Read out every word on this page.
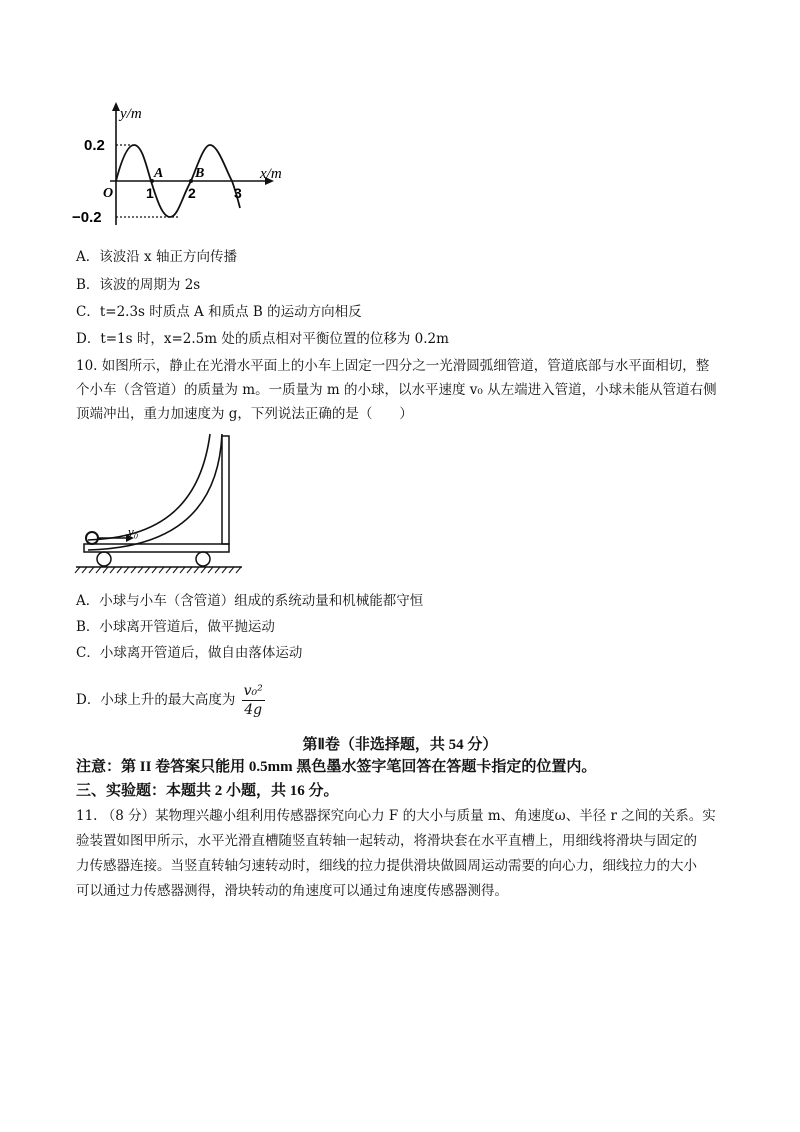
y/m
x/m
0.2
−0.2
O 1 2	3
A B
A．该波沿 x 轴正方向传播
B．该波的周期为 2s
C．t=2.3s 时质点 A 和质点 B 的运动方向相反
D．t=1s 时，x=2.5m 处的质点相对平衡位置的位移为 0.2m
10. 如图所示，静止在光滑水平面上的小车上固定一四分之一光滑圆弧细管道，管道底部与水平面相切，整
个小车（含管道）的质量为 m。一质量为 m 的小球，以水平速度 v₀ 从左端进入管道，小球未能从管道右侧
顶端冲出，重力加速度为 g，下列说法正确的是（　　）
v₀
A．小球与小车（含管道）组成的系统动量和机械能都守恒
B．小球离开管道后，做平抛运动
C．小球离开管道后，做自由落体运动
D．小球上升的最大高度为 $\frac{\text{v₀²}}{4g}$
第Ⅱ卷（非选择题，共 54 分）
注意：第 II 卷答案只能用 0.5mm 黑色墨水签字笔回答在答题卡指定的位置内。
三、实验题：本题共 2 小题，共 16 分。
11. （8 分）某物理兴趣小组利用传感器探究向心力 F 的大小与质量 m、角速度ω、半径 r 之间的关系。实
验装置如图甲所示，水平光滑直槽随竖直转轴一起转动，将滑块套在水平直槽上，用细线将滑块与固定的
力传感器连接。当竖直转轴匀速转动时，细线的拉力提供滑块做圆周运动需要的向心力，细线拉力的大小
可以通过力传感器测得，滑块转动的角速度可以通过角速度传感器测得。
